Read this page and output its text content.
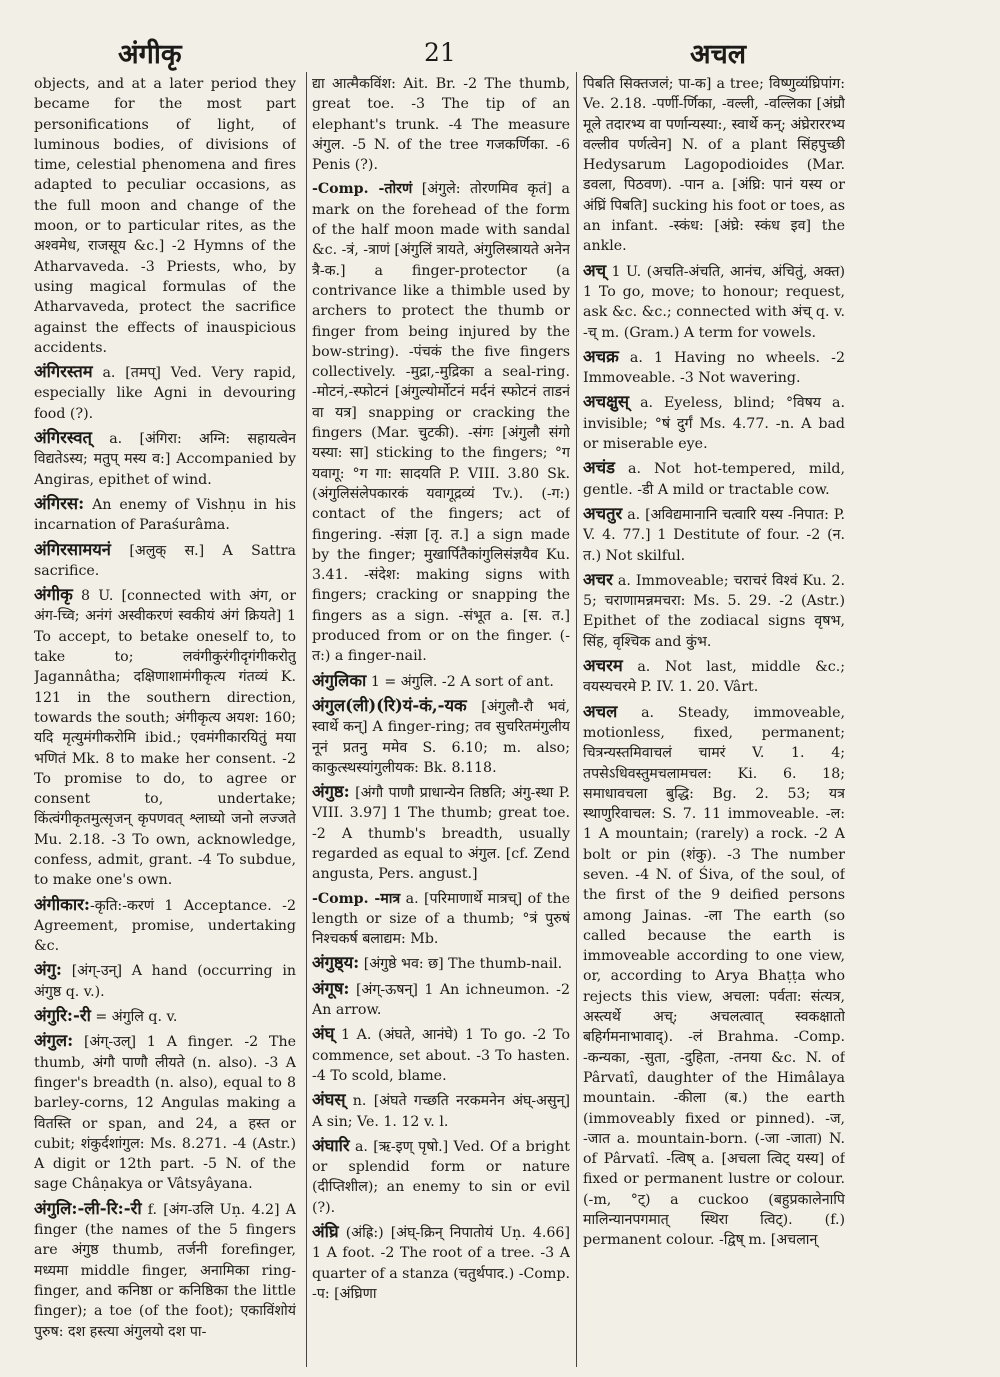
अंगीकृ	21	अचल

objects, and at a later period they became for the most part personifications of light, of luminous bodies, of divisions of time, celestial phenomena and fires adapted to peculiar occasions, as the full moon and change of the moon, or to particular rites, as the अश्वमेध, राजसूय &c.] -2 Hymns of the Atharvaveda. -3 Priests, who, by using magical formulas of the Atharvaveda, protect the sacrifice against the effects of inauspicious accidents.

अंगिरस्तम a. [तमप्] Ved. Very rapid, especially like Agni in devouring food (?).

अंगिरस्वत् a. [अंगिरा: अग्नि: सहायत्वेन विद्यतेऽस्य; मतुप् मस्य व:] Accompanied by Angiras, epithet of wind.

अंगिरस: An enemy of Vishṇu in his incarnation of Paraśurâma.

अंगिरसामयनं [अलुक् स.] A Sattra sacrifice.

अंगीकृ 8 U. [connected with अंग, or अंग-च्वि; अनंगं अस्वीकरणं स्वकीयं अंगं क्रियते] 1 To accept, to betake oneself to, to take to; लवंगीकुरंगीदृगंगीकरोतु Jagannâtha; दक्षिणाशामंगीकृत्य गंतव्यं K. 121 in the southern direction, towards the south; अंगीकृत्य अयश: 160; यदि मृत्युमंगीकरोमि ibid.; एवमंगीकारयितुं मया भणितं Mk. 8 to make her consent. -2 To promise to do, to agree or consent to, undertake; किंत्वंगीकृतमुत्सृजन् कृपणवत् श्लाघ्यो जनो लज्जते Mu. 2.18. -3 To own, acknowledge, confess, admit, grant. -4 To subdue, to make one's own.

अंगीकार:-कृति:-करणं 1 Acceptance. -2 Agreement, promise, undertaking &c.

अंगु: [अंग्-उन्] A hand (occurring in अंगुष्ठ q. v.).

अंगुरि:-री = अंगुलि q. v.

अंगुल: [अंग्-उल्] 1 A finger. -2 The thumb, अंगौ पाणौ लीयते (n. also). -3 A finger's breadth (n. also), equal to 8 barley-corns, 12 Angulas making a वितस्ति or span, and 24, a हस्त or cubit; शंकुर्दशांगुल: Ms. 8.271. -4 (Astr.) A digit or 12th part. -5 N. of the sage Châṇakya or Vâtsyâyana.

अंगुलि:-ली-रि:-री f. [अंग-उलि Uṇ. 4.2] A finger (the names of the 5 fingers are अंगुष्ठ thumb, तर्जनी forefinger, मध्यमा middle finger, अनामिका ring-finger, and कनिष्ठा or कनिष्ठिका the little finger); a toe (of the foot); एकाविंशोयं पुरुष: दश हस्त्या अंगुलयो दश पा-

द्या आत्मैकविंश: Ait. Br. -2 The thumb, great toe. -3 The tip of an elephant's trunk. -4 The measure अंगुल. -5 N. of the tree गजकर्णिका. -6 Penis (?).

-Comp. -तोरणं [अंगुले: तोरणमिव कृतं] a mark on the forehead of the form of the half moon made with sandal &c. -त्रं, -त्राणं [अंगुलिं त्रायते, अंगुलिस्त्रायते अनेन त्रै-क.] a finger-protector (a contrivance like a thimble used by archers to protect the thumb or finger from being injured by the bow-string). -पंचकं the five fingers collectively. -मुद्रा,-मुद्रिका a seal-ring. -मोटनं,-स्फोटनं [अंगुल्योर्मोटनं मर्दनं स्फोटनं ताडनं वा यत्र] snapping or cracking the fingers (Mar. चुटकी). -संगः [अंगुलौ संगो यस्या: सा] sticking to the fingers; °ग यवागू: °ग गा: सादयति P. VIII. 3.80 Sk. (अंगुलिसंलेपकारकं यवागूद्रव्यं Tv.). (-ग:) contact of the fingers; act of fingering. -संज्ञा [तृ. त.] a sign made by the finger; मुखार्पितैकांगुलिसंज्ञयैव Ku. 3.41. -संदेश: making signs with fingers; cracking or snapping the fingers as a sign. -संभूत a. [स. त.] produced from or on the finger. (-त:) a finger-nail.

अंगुलिका 1 = अंगुलि. -2 A sort of ant.

अंगुल(ली)(रि)यं-कं,-यक [अंगुलौ-रौ भवं, स्वार्थे कन्] A finger-ring; तव सुचरितमंगुलीय नूनं प्रतनु ममेव S. 6.10; m. also; काकुत्स्थस्यांगुलीयक: Bk. 8.118.

अंगुष्ठ: [अंगौ पाणौ प्राधान्येन तिष्ठति; अंगु-स्था P. VIII. 3.97] 1 The thumb; great toe. -2 A thumb's breadth, usually regarded as equal to अंगुल. [cf. Zend angusta, Pers. angust.]

-Comp. -मात्र a. [परिमाणार्थे मात्रच्] of the length or size of a thumb; °त्रं पुरुषं निश्चकर्ष बलाद्यम: Mb.

अंगुष्ठ्य: [अंगुष्ठे भव: छ] The thumb-nail.

अंगूष: [अंग्-ऊषन्] 1 An ichneumon. -2 An arrow.

अंघ् 1 A. (अंघते, आनंघे) 1 To go. -2 To commence, set about. -3 To hasten. -4 To scold, blame.

अंघस् n. [अंघते गच्छति नरकमनेन अंघ्-असुन्] A sin; Ve. 1. 12 v. l.

अंघारि a. [ऋ-इण् पृषो.] Ved. Of a bright or splendid form or nature (दीप्तिशील); an enemy to sin or evil (?).

अंघ्रि (अंह्रि:) [अंघ्-क्रिन् निपातोयं Uṇ. 4.66] 1 A foot. -2 The root of a tree. -3 A quarter of a stanza (चतुर्थपाद.) -Comp. -प: [अंघ्रिणा

पिबति सिक्तजलं; पा-क] a tree; विष्णुव्यंघ्रिपांग: Ve. 2.18. -पर्णी-र्णिका, -वल्ली, -वल्लिका [अंघ्रौ मूले तदारभ्य वा पर्णान्यस्या:, स्वार्थे कन्; अंघ्रेराररभ्य वल्लीव पर्णत्वेन] N. of a plant सिंहपुच्छी Hedysarum Lagopodioides (Mar. डवला, पिठवण). -पान a. [अंघ्रि: पानं यस्य or अंघ्रिं पिबति] sucking his foot or toes, as an infant. -स्कंध: [अंघ्रे: स्कंध इव] the ankle.

अच् 1 U. (अचति-अंचति, आनंच, अंचितुं, अक्त) 1 To go, move; to honour; request, ask &c. &c.; connected with अंच् q. v. -च् m. (Gram.) A term for vowels.

अचक्र a. 1 Having no wheels. -2 Immoveable. -3 Not wavering.

अचक्षुस् a. Eyeless, blind; °विषय a. invisible; °षं दुर्गं Ms. 4.77. -n. A bad or miserable eye.

अचंड a. Not hot-tempered, mild, gentle. -डी A mild or tractable cow.

अचतुर a. [अविद्यमानानि चत्वारि यस्य -निपात: P. V. 4. 77.] 1 Destitute of four. -2 (न. त.) Not skilful.

अचर a. Immoveable; चराचरं विश्वं Ku. 2. 5; चराणामन्नमचरा: Ms. 5. 29. -2 (Astr.) Epithet of the zodiacal signs वृषभ, सिंह, वृश्चिक and कुंभ.

अचरम a. Not last, middle &c.; वयस्यचरमे P. IV. 1. 20. Vârt.

अचल a. Steady, immoveable, motionless, fixed, permanent; चित्रन्यस्तमिवाचलं चामरं V. 1. 4; तपसेऽधिवस्तुमचलामचल: Ki. 6. 18; समाधावचला बुद्धि: Bg. 2. 53; यत्र स्थाणुरिवाचल: S. 7. 11 immoveable. -ल: 1 A mountain; (rarely) a rock. -2 A bolt or pin (शंकु). -3 The number seven. -4 N. of Śiva, of the soul, of the first of the 9 deified persons among Jainas. -ला The earth (so called because the earth is immoveable according to one view, or, according to Arya Bhaṭṭa who rejects this view, अचला: पर्वता: संत्यत्र, अस्त्यर्थे अच्; अचलत्वात् स्वकक्षातो बहिर्गमनाभावाद्). -लं Brahma. -Comp. -कन्यका, -सुता, -दुहिता, -तनया &c. N. of Pârvatî, daughter of the Himâlaya mountain. -कीला (ब.) the earth (immoveably fixed or pinned). -ज, -जात a. mountain-born. (-जा -जाता) N. of Pârvatî. -त्विष् a. [अचला त्विट् यस्य] of fixed or permanent lustre or colour. (-m, °ट्) a cuckoo (बहुप्रकालेनापि मालिन्यानपगमात् स्थिरा त्विट्). (f.) permanent colour. -द्विष् m. [अचलान्
